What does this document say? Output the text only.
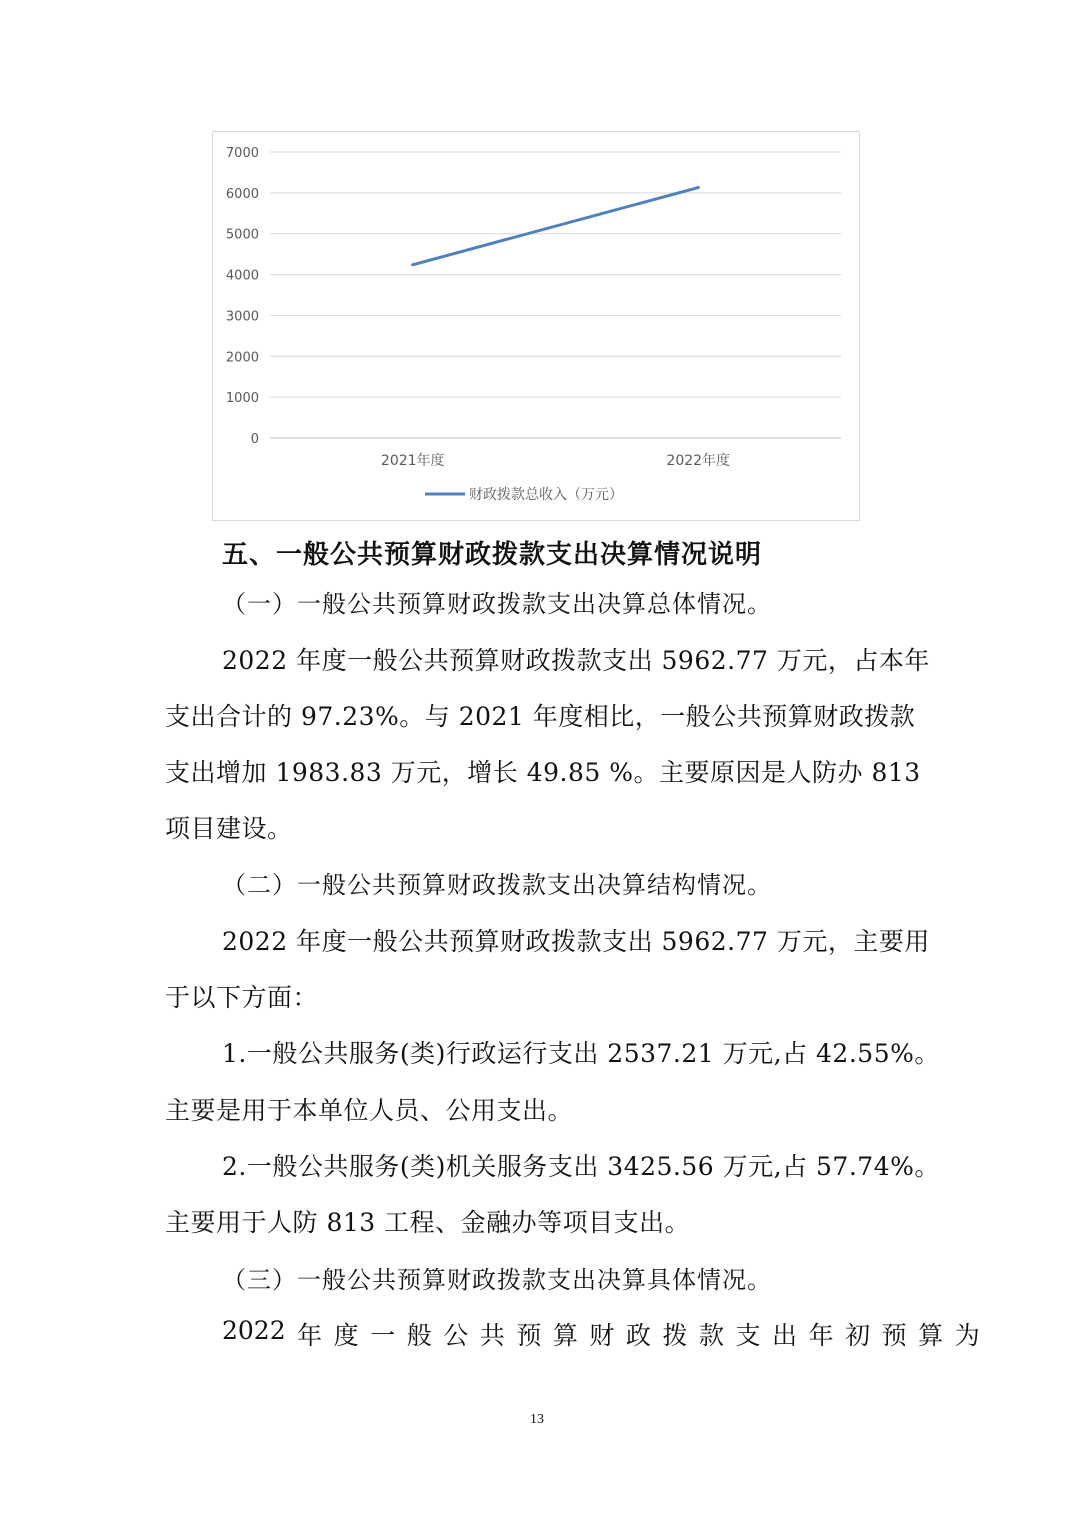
0
1000
2000
3000
4000
5000
6000
7000
2021年度	2022年度
财政拨款总收入（万元）
五、一般公共预算财政拨款支出决算情况说明
（一）一般公共预算财政拨款支出决算总体情况。
2022 年度一般公共预算财政拨款支出 5962.77 万元，占本年
支出合计的 97.23%。与 2021 年度相比，一般公共预算财政拨款
支出增加 1983.83 万元，增长 49.85 %。主要原因是人防办 813
项目建设。
（二）一般公共预算财政拨款支出决算结构情况。
2022 年度一般公共预算财政拨款支出 5962.77 万元，主要用
于以下方面：
1.一般公共服务(类)行政运行支出 2537.21 万元,占 42.55%。
主要是用于本单位人员、公用支出。
2.一般公共服务(类)机关服务支出 3425.56 万元,占 57.74%。
主要用于人防 813 工程、金融办等项目支出。
（三）一般公共预算财政拨款支出决算具体情况。
2022 年 度 一 般 公 共 预 算 财 政 拨 款 支 出 年 初 预 算 为
13
